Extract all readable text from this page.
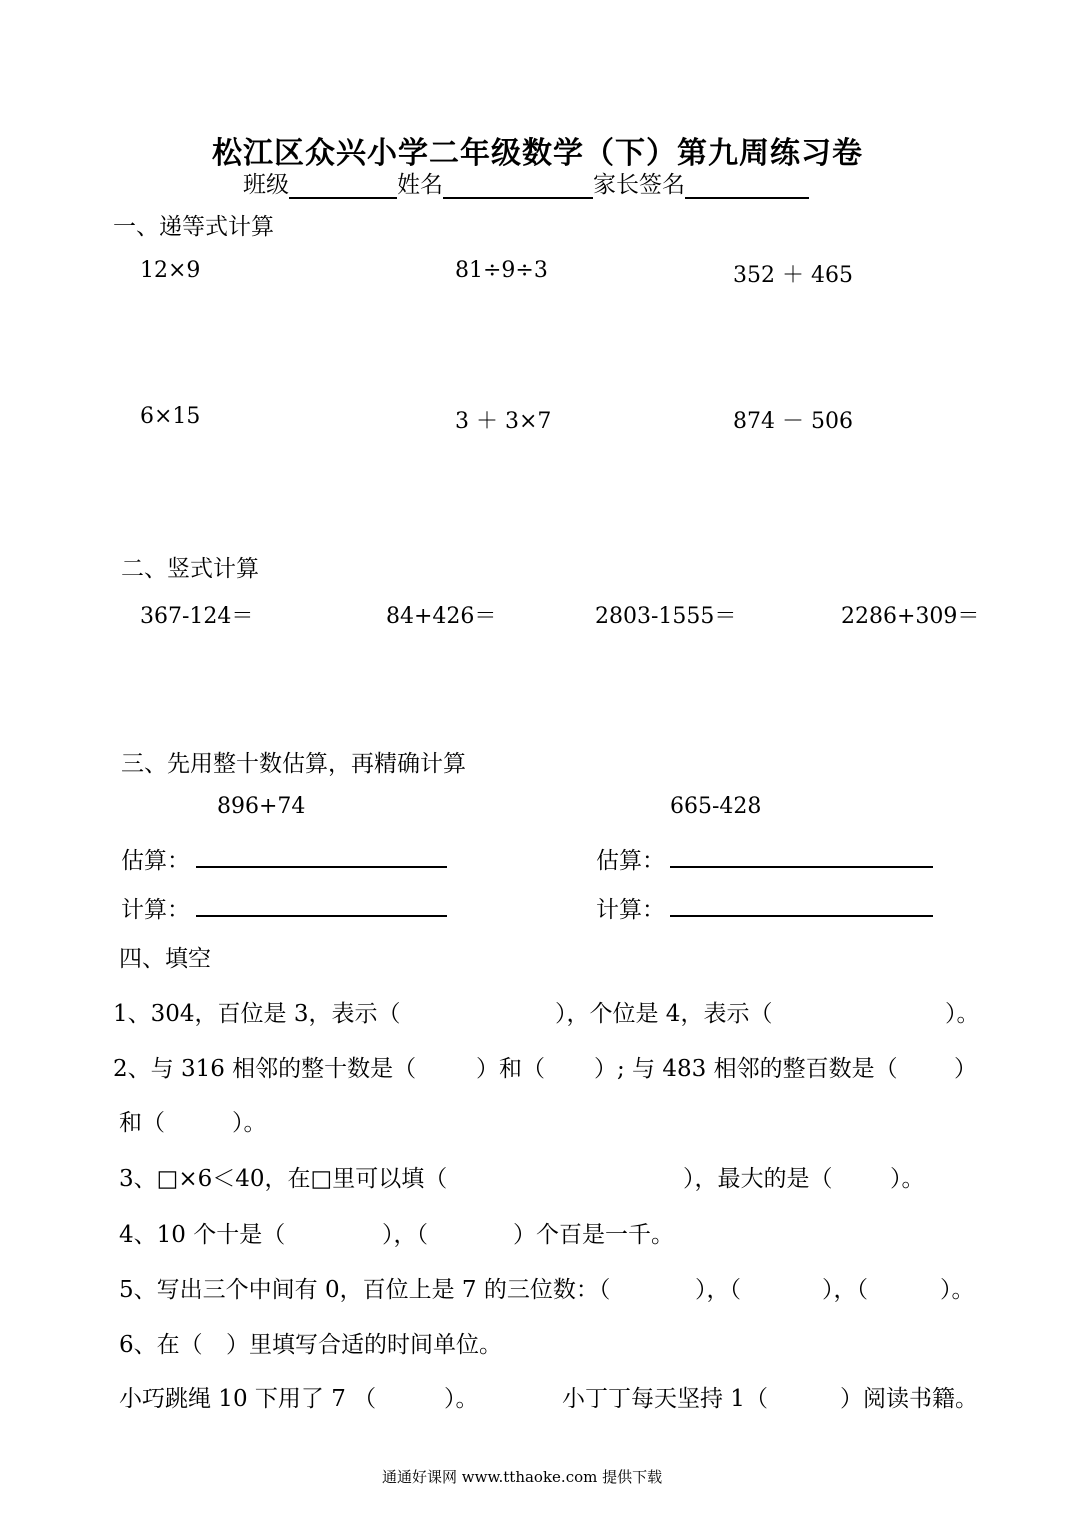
松江区众兴小学二年级数学（下）第九周练习卷
班级	姓名	家长签名
一、递等式计算
12×9	81÷9÷3	352 ＋ 465
6×15	3 ＋ 3×7	874 － 506
二、竖式计算
367-124＝	84+426＝	2803-1555＝	2286+309＝
三、先用整十数估算，再精确计算
896+74	665-428
估算：	估算：
计算：	计算：
四、填空
1、304，百位是 3，表示（	），个位是 4，表示（	）。
2、与 316 相邻的整十数是（	）和（ ）; 与 483 相邻的整百数是（ ）
和（	）。
3、□×6＜40，在□里可以填（	），最大的是（	）。
4、10 个十是（	），（	）个百是一千。
5、写出三个中间有 0，百位上是 7 的三位数：（	），（	），（	）。
6、在（ ）里填写合适的时间单位。
小巧跳绳 10 下用了 7 （	）。	小丁丁每天坚持 1（	）阅读书籍。
通通好课网 www.tthaoke.com 提供下载
